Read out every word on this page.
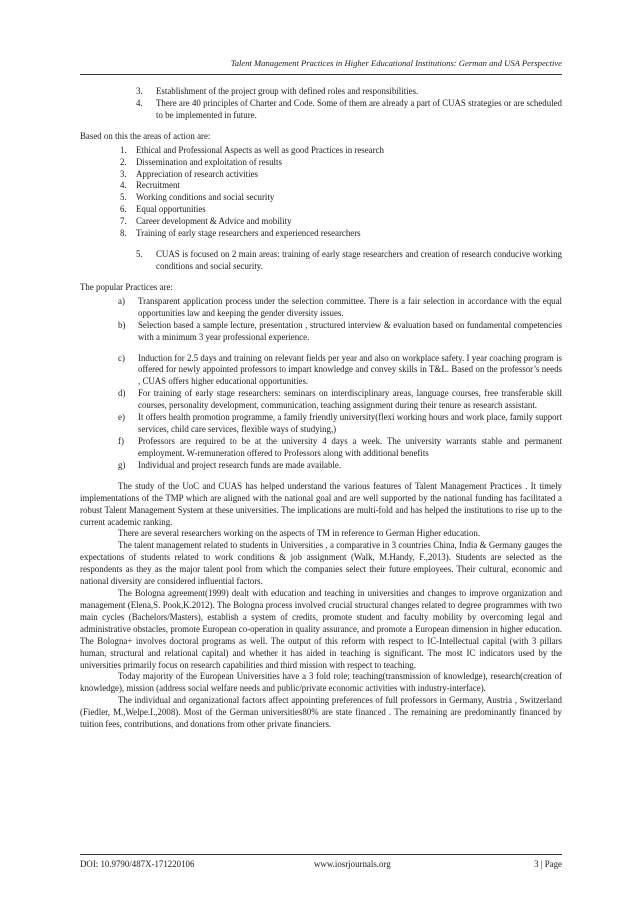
Talent Management Practices in Higher Educational Institutions: German and USA Perspective
3.	Establishment of the project group with defined roles and responsibilities.
4.	There are 40 principles of Charter and Code. Some of them are already a part of CUAS strategies or are scheduled to be implemented in future.

Based on this the areas of action are:

1.	Ethical and Professional Aspects as well as good Practices in research
2.	Dissemination and exploitation of results
3.	Appreciation of research activities
4.	Recruitment
5.	Working conditions and social security
6.	Equal opportunities
7.	Career development & Advice and mobility
8.	Training of early stage researchers and experienced researchers
5.	CUAS is focused on 2 main areas: training of early stage researchers and creation of research conducive working conditions and social security.

The popular Practices are:

a)	Transparent application process under the selection committee. There is a fair selection in accordance with the equal opportunities law and keeping the gender diversity issues.
b)	Selection based a sample lecture, presentation , structured interview & evaluation based on fundamental competencies with a minimum 3 year professional experience.
c)	Induction for 2.5 days and training on relevant fields per year and also on workplace safety. I year coaching program is offered for newly appointed professors to impart knowledge and convey skills in T&L. Based on the professor’s needs , CUAS offers higher educational opportunities.
d)	For training of early stage researchers: seminars on interdisciplinary areas, language courses, free transferable skill courses, personality development, communication, teaching assignment during their tenure as research assistant.
e)	It offers health promotion programme, a family friendly university(flexi working hours and work place, family support services, child care services, flexible ways of studying,)
f)	Professors are required to be at the university 4 days a week. The university warrants stable and permanent employment. W-remuneration offered to Professors along with additional benefits
g)	Individual and project research funds are made available.

The study of the UoC and CUAS has helped understand the various features of Talent Management Practices . It timely implementations of the TMP which are aligned with the national goal and are well supported by the national funding has facilitated a robust Talent Management System at these universities. The implications are multi-fold and has helped the institutions to rise up to the current academic ranking.

There are several researchers working on the aspects of TM in reference to German Higher education.

The talent management related to students in Universities , a comparative in 3 countries China, India & Germany gauges the expectations of students related to work conditions & job assignment (Walk, M.Handy, F.,2013). Students are selected as the respondents as they as the major talent pool from which the companies select their future employees. Their cultural, economic and national diversity are considered influential factors.

The Bologna agreement(1999) dealt with education and teaching in universities and changes to improve organization and management (Elena,S. Pook,K.2012). The Bologna process involved crucial structural changes related to degree programmes with two main cycles (Bachelors/Masters), establish a system of credits, promote student and faculty mobility by overcoming legal and administrative obstacles, promote European co-operation in quality assurance, and promote a European dimension in higher education. The Bologna+ involves doctoral programs as well. The output of this reform with respect to IC-Intellectual capital (with 3 pillars human, structural and relational capital) and whether it has aided in teaching is significant. The most IC indicators used by the universities primarily focus on research capabilities and third mission with respect to teaching.

Today majority of the European Universities have a 3 fold role; teaching(transmission of knowledge), research(creation of knowledge), mission (address social welfare needs and public/private economic activities with industry-interface).

The individual and organizational factors affect appointing preferences of full professors in Germany, Austria , Switzerland (Fiedler, M.,Welpe.I.,2008). Most of the German universities80% are state financed . The remaining are predominantly financed by tuition fees, contributions, and donations from other private financiers.

DOI: 10.9790/487X-171220106	www.iosrjournals.org	3 | Page
